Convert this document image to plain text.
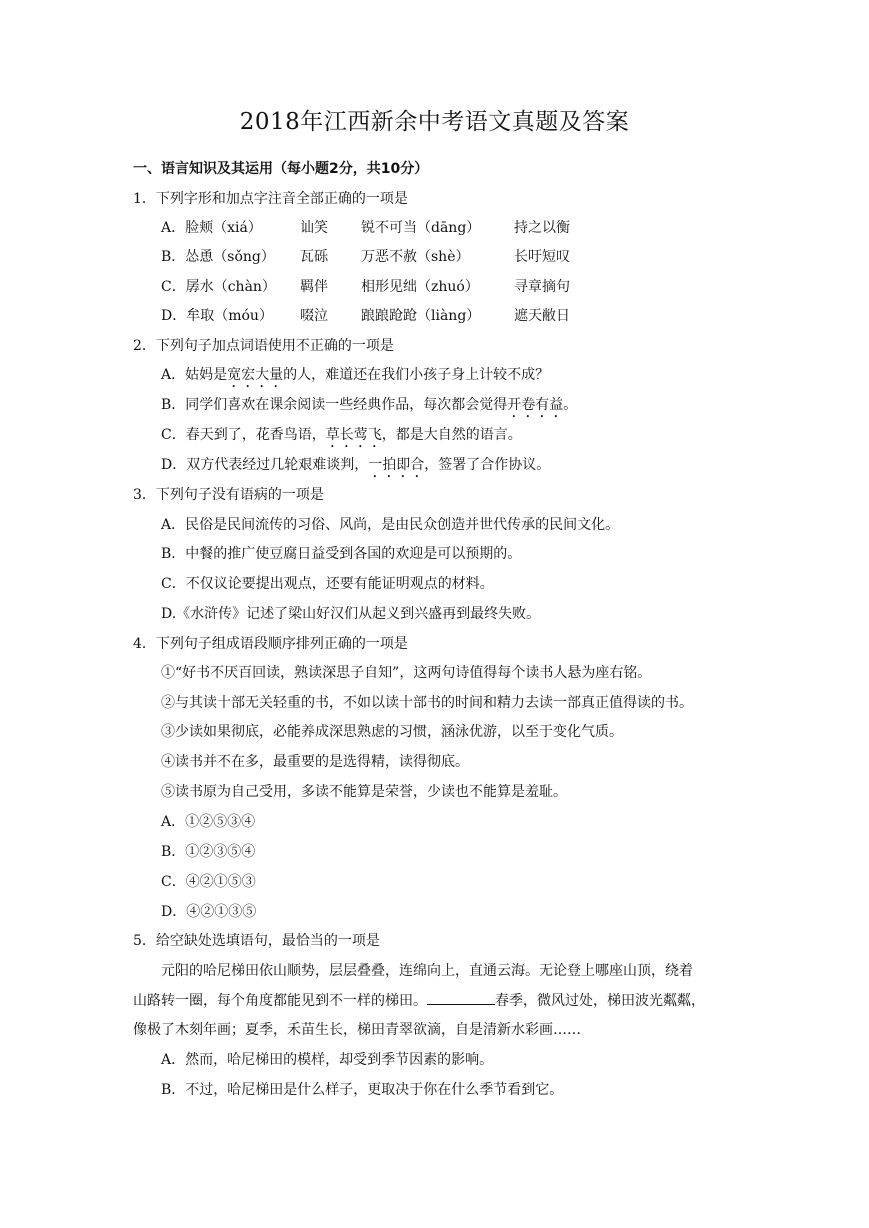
2018年江西新余中考语文真题及答案
一、语言知识及其运用（每小题2分，共10分）
1．下列字形和加点字注音全部正确的一项是
A．脸颊（xiá）	讪笑 锐不可当（dāng） 持之以衡
B．怂恿（sǒng） 瓦砾 万恶不赦（shè）	长吁短叹
C．孱水（chàn） 羁伴 相形见绌（zhuó）	寻章摘句
D．牟取（móu） 啜泣 踉踉跄跄（liàng） 遮天敝日
2．下列句子加点词语使用不正确的一项是
A．姑妈是宽宏大量的人，难道还在我们小孩子身上计较不成？
B．同学们喜欢在课余阅读一些经典作品，每次都会觉得开卷有益。
C．春天到了，花香鸟语，草长莺飞，都是大自然的语言。
D．双方代表经过几轮艰难谈判，一拍即合，签署了合作协议。
3．下列句子没有语病的一项是
A．民俗是民间流传的习俗、风尚，是由民众创造并世代传承的民间文化。
B．中餐的推广使豆腐日益受到各国的欢迎是可以预期的。
C．不仅议论要提出观点，还要有能证明观点的材料。
D.《水浒传》记述了梁山好汉们从起义到兴盛再到最终失败。
4．下列句子组成语段顺序排列正确的一项是
①“好书不厌百回读，熟读深思子自知”，这两句诗值得每个读书人悬为座右铭。
②与其读十部无关轻重的书，不如以读十部书的时间和精力去读一部真正值得读的书。
③少读如果彻底，必能养成深思熟虑的习惯，涵泳优游，以至于变化气质。
④读书并不在多，最重要的是选得精，读得彻底。
⑤读书原为自己受用，多读不能算是荣誉，少读也不能算是羞耻。
A．①②⑤③④
B．①②③⑤④
C．④②①⑤③
D．④②①③⑤
5．给空缺处选填语句，最恰当的一项是
元阳的哈尼梯田依山顺势，层层叠叠，连绵向上，直通云海。无论登上哪座山顶，绕着
山路转一圈，每个角度都能见到不一样的梯田。	春季，微风过处，梯田波光粼粼，
像极了木刻年画；夏季，禾苗生长，梯田青翠欲滴，自是清新水彩画……
A．然而，哈尼梯田的模样，却受到季节因素的影响。
B．不过，哈尼梯田是什么样子，更取决于你在什么季节看到它。
